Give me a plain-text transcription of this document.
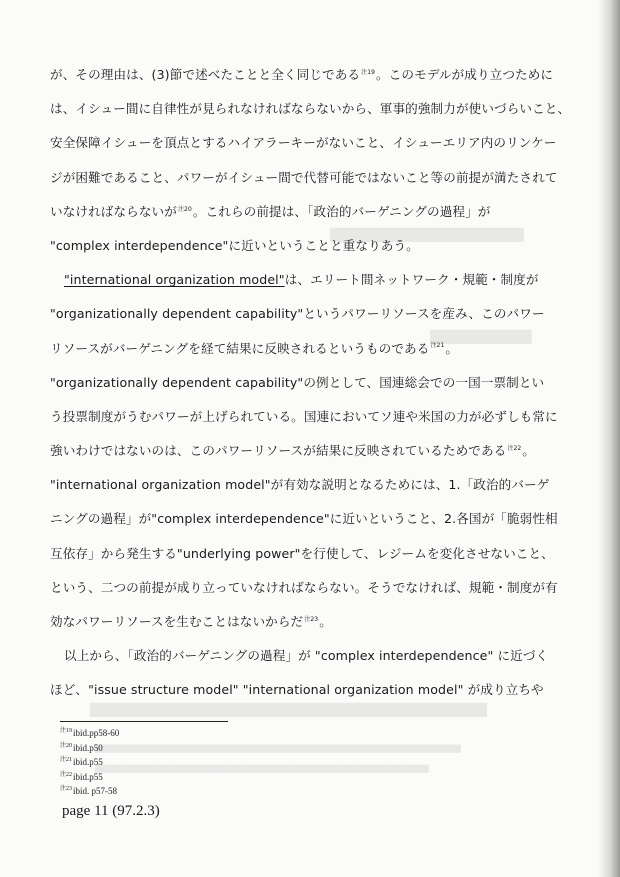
█████████████████████
███████████
███████████████████████████████████████████
████████████████████████████████████████████████████████████████████
██████████████████████████████████████████████████████████████
が、その理由は、(3)節で述べたことと全く同じである$^{注19}$。このモデルが成り立つために
は、イシュー間に自律性が見られなければならないから、軍事的強制力が使いづらいこと、
安全保障イシューを頂点とするハイアラーキーがないこと、イシューエリア内のリンケー
ジが困難であること、パワーがイシュー間で代替可能ではないこと等の前提が満たされて
いなければならないが$^{注20}$。これらの前提は、「政治的バーゲニングの過程」が
"complex interdependence"に近いということと重なりあう。
"international organization model"は、エリート間ネットワーク・規範・制度が
"organizationally dependent capability"というパワーリソースを産み、このパワー
リソースがバーゲニングを経て結果に反映されるというものである$^{注21}$。
"organizationally dependent capability"の例として、国連総会での一国一票制とい
う投票制度がうむパワーが上げられている。国連においてソ連や米国の力が必ずしも常に
強いわけではないのは、このパワーリソースが結果に反映されているためである$^{注22}$。
"international organization model"が有効な説明となるためには、1.「政治的バーゲ
ニングの過程」が"complex interdependence"に近いということ、2.各国が「脆弱性相
互依存」から発生する"underlying power"を行使して、レジームを変化させないこと、
という、二つの前提が成り立っていなければならない。そうでなければ、規範・制度が有
効なパワーリソースを生むことはないからだ$^{注23}$。
以上から、「政治的バーゲニングの過程」が "complex interdependence" に近づく
ほど、"issue structure model" "international organization model" が成り立ちや
$^{注19}$ibid.pp58-60
$^{注20}$ibid.p50
$^{注21}$ibid.p55
$^{注22}$ibid.p55
$^{注23}$ibid. p57-58
page 11 (97.2.3)
